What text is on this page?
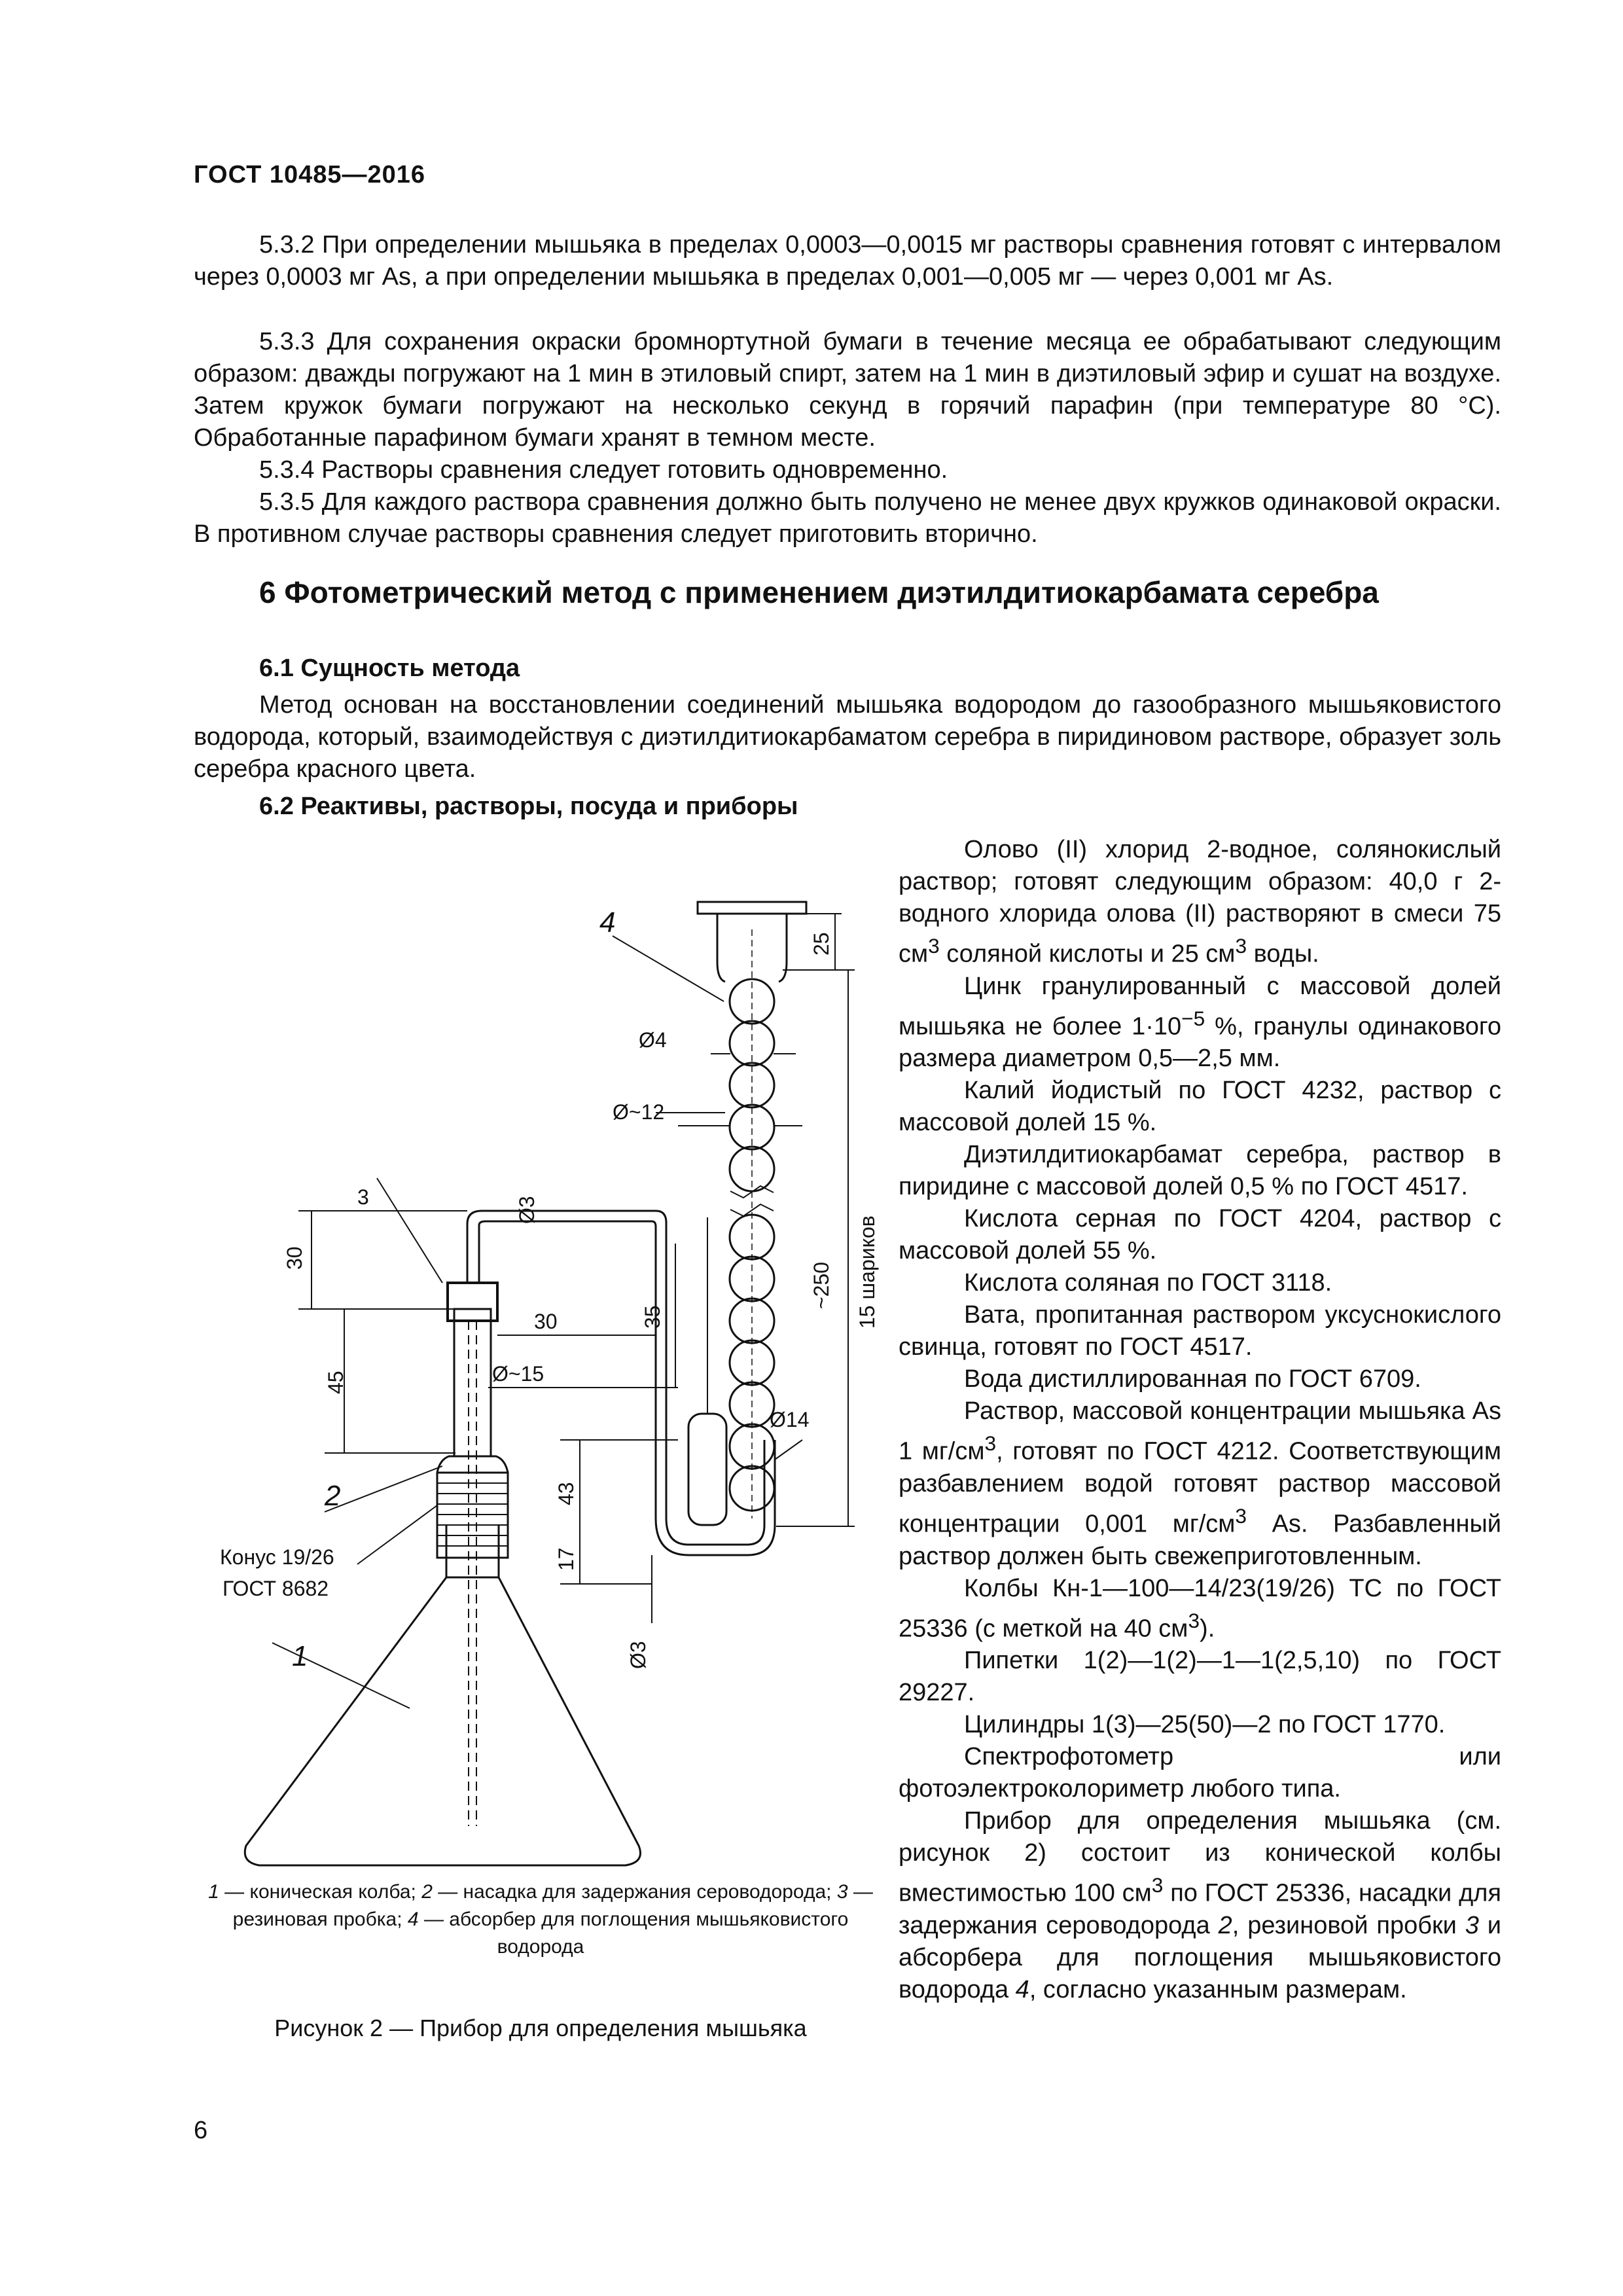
ГОСТ 10485—2016
5.3.2 При определении мышьяка в пределах 0,0003—0,0015 мг растворы сравнения готовят с интервалом через 0,0003 мг As, а при определении мышьяка в пределах 0,001—0,005 мг — через 0,001 мг As.
5.3.3 Для сохранения окраски бромнортутной бумаги в течение месяца ее обрабатывают следующим образом: дважды погружают на 1 мин в этиловый спирт, затем на 1 мин в диэтиловый эфир и сушат на воздухе. Затем кружок бумаги погружают на несколько секунд в горячий парафин (при температуре 80 °С). Обработанные парафином бумаги хранят в темном месте.
5.3.4 Растворы сравнения следует готовить одновременно.
5.3.5 Для каждого раствора сравнения должно быть получено не менее двух кружков одинаковой окраски. В противном случае растворы сравнения следует приготовить вторично.
6 Фотометрический метод с применением диэтилдитиокарбамата серебра
6.1 Сущность метода
Метод основан на восстановлении соединений мышьяка водородом до газообразного мышьяковистого водорода, который, взаимодействуя с диэтилдитиокарбаматом серебра в пиридиновом растворе, образует золь серебра красного цвета.
6.2 Реактивы, растворы, посуда и приборы

Олово (II) хлорид 2-водное, солянокислый раствор; готовят следующим образом: 40,0 г 2-водного хлорида олова (II) растворяют в смеси 75 $см^3$ соляной кислоты и 25 $см^3$ воды.

Цинк гранулированный с массовой долей мышьяка не более $1\cdot 10^{-5}$ %, гранулы одинакового размера диаметром 0,5—2,5 мм.

Калий йодистый по ГОСТ 4232, раствор с массовой долей 15 %.

Диэтилдитиокарбамат серебра, раствор в пиридине с массовой долей 0,5 % по ГОСТ 4517.

Кислота серная по ГОСТ 4204, раствор с массовой долей 55 %.

Кислота соляная по ГОСТ 3118.

Вата, пропитанная раствором уксуснокислого свинца, готовят по ГОСТ 4517.

Вода дистиллированная по ГОСТ 6709.

Раствор, массовой концентрации мышьяка As 1 $мг/см^3$, готовят по ГОСТ 4212. Соответствующим разбавлением водой готовят раствор массовой концентрации 0,001 $мг/см^3$ As. Разбавленный раствор должен быть свежеприготовленным.

Колбы Кн-1—100—14/23(19/26) ТС по ГОСТ 25336 (с меткой на 40 $см^3$).

Пипетки 1(2)—1(2)—1—1(2,5,10) по ГОСТ 29227.

Цилиндры 1(3)—25(50)—2 по ГОСТ 1770.

Спектрофотометр или фотоэлектроколориметр любого типа.

Прибор для определения мышьяка (см. рисунок 2) состоит из конической колбы вместимостью 100 $см^3$ по ГОСТ 25336, насадки для задержания сероводорода 2, резиновой пробки 3 и абсорбера для поглощения мышьяковистого водорода 4, согласно указанным размерам.

4
Ø4
Ø~12
3	Ø3
30
30	35
Ø~15
45
Ø14
43
17
Ø3
25
~250 15 шариков
2
Конус 19/26
ГОСТ 8682
1
1 — коническая колба; 2 — насадка для задержания сероводорода; 3 — резиновая пробка; 4 — абсорбер для поглощения мышьяковистого водорода
Рисунок 2 — Прибор для определения мышьяка
6
